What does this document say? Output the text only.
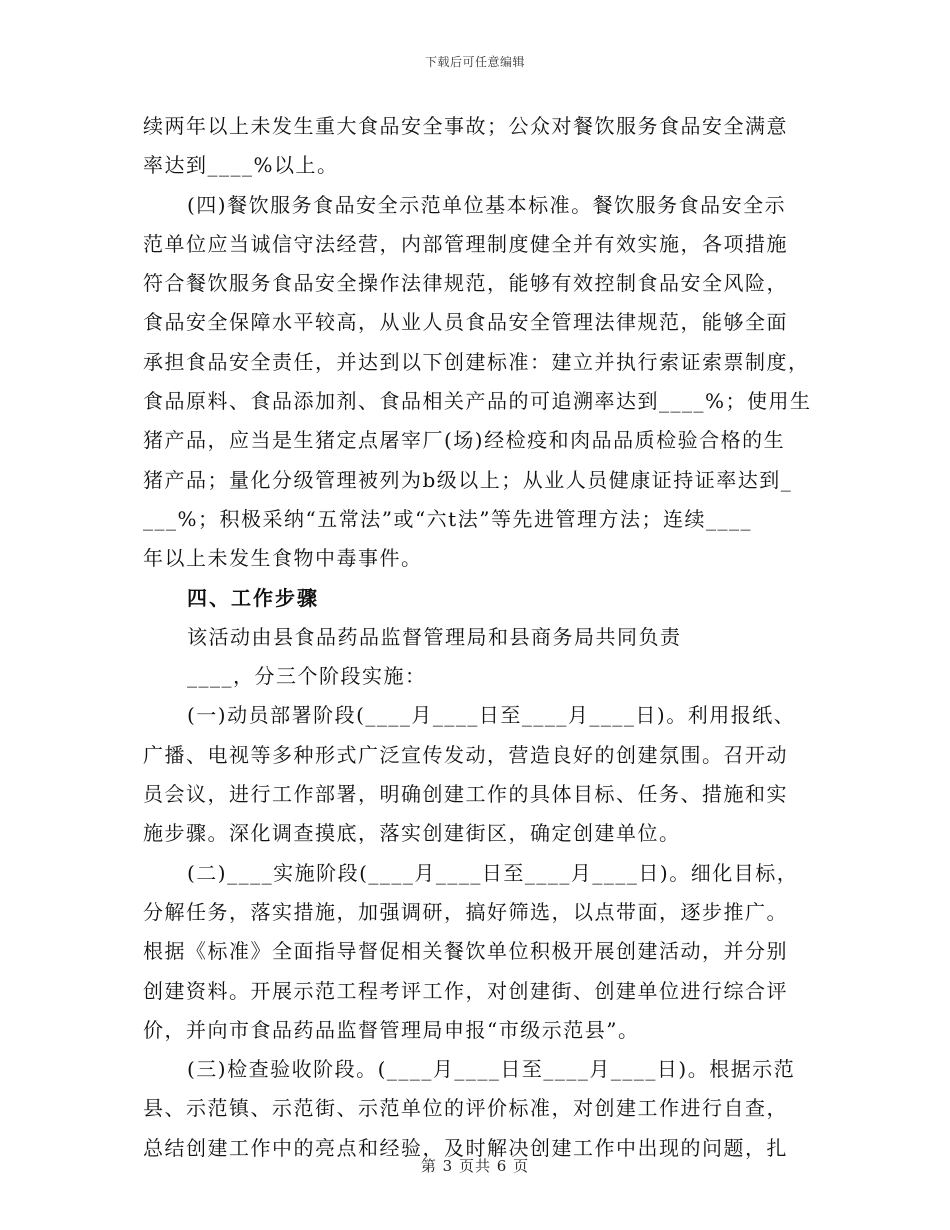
下载后可任意编辑
续两年以上未发生重大食品安全事故；公众对餐饮服务食品安全满意
率达到____%以上。
(四)餐饮服务食品安全示范单位基本标准。餐饮服务食品安全示
范单位应当诚信守法经营，内部管理制度健全并有效实施，各项措施
符合餐饮服务食品安全操作法律规范，能够有效控制食品安全风险，
食品安全保障水平较高，从业人员食品安全管理法律规范，能够全面
承担食品安全责任，并达到以下创建标准：建立并执行索证索票制度，
食品原料、食品添加剂、食品相关产品的可追溯率达到____%；使用生
猪产品，应当是生猪定点屠宰厂(场)经检疫和肉品品质检验合格的生
猪产品；量化分级管理被列为b级以上；从业人员健康证持证率达到_
___%；积极采纳“五常法”或“六t法”等先进管理方法；连续____
年以上未发生食物中毒事件。
四、工作步骤
该活动由县食品药品监督管理局和县商务局共同负责
____，分三个阶段实施：
(一)动员部署阶段(____月____日至____月____日)。利用报纸、
广播、电视等多种形式广泛宣传发动，营造良好的创建氛围。召开动
员会议，进行工作部署，明确创建工作的具体目标、任务、措施和实
施步骤。深化调查摸底，落实创建街区，确定创建单位。
(二)____实施阶段(____月____日至____月____日)。细化目标，
分解任务，落实措施，加强调研，搞好筛选，以点带面，逐步推广。
根据《标准》全面指导督促相关餐饮单位积极开展创建活动，并分别
创建资料。开展示范工程考评工作，对创建街、创建单位进行综合评
价，并向市食品药品监督管理局申报“市级示范县”。
(三)检查验收阶段。(____月____日至____月____日)。根据示范
县、示范镇、示范街、示范单位的评价标准，对创建工作进行自查，
总结创建工作中的亮点和经验，及时解决创建工作中出现的问题，扎
第 3 页共 6 页
